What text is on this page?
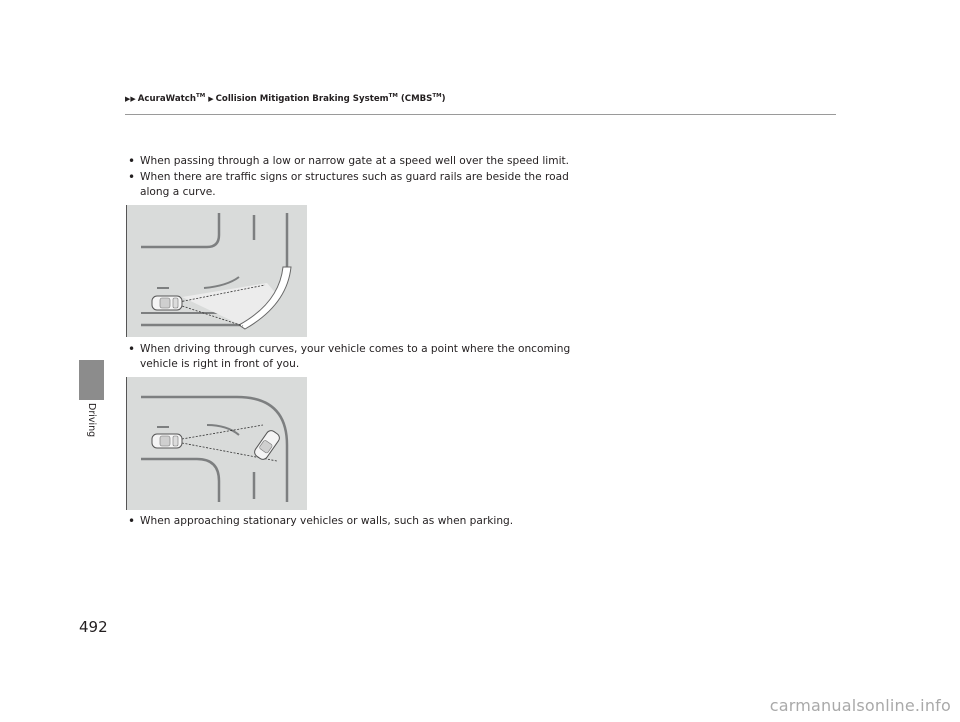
▶▶ AcuraWatch™ ▶ Collision Mitigation Braking System™ (CMBS™)
Driving
• When passing through a low or narrow gate at a speed well over the speed limit.
• When there are traffic signs or structures such as guard rails are beside the road along a curve.
• When driving through curves, your vehicle comes to a point where the oncoming vehicle is right in front of you.
• When approaching stationary vehicles or walls, such as when parking.
492
carmanualsonline.info
